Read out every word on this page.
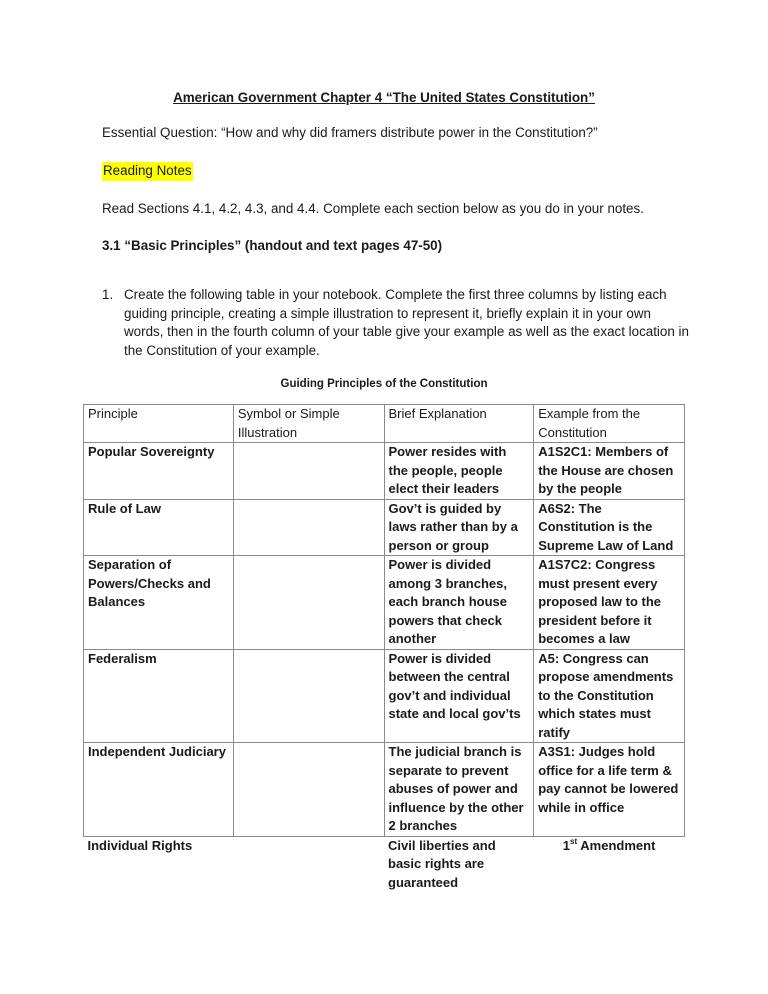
American Government Chapter 4 “The United States Constitution”
Essential Question: “How and why did framers distribute power in the Constitution?”
Reading Notes
Read Sections 4.1, 4.2, 4.3, and 4.4. Complete each section below as you do in your notes.
3.1 “Basic Principles” (handout and text pages 47-50)
1. Create the following table in your notebook. Complete the first three columns by listing each guiding principle, creating a simple illustration to represent it, briefly explain it in your own words, then in the fourth column of your table give your example as well as the exact location in the Constitution of your example.
Guiding Principles of the Constitution
Principle	Symbol or Simple Illustration	Brief Explanation	Example from the Constitution
Popular Sovereignty		Power resides with the people, people elect their leaders	A1S2C1: Members of the House are chosen by the people
Rule of Law		Gov’t is guided by laws rather than by a person or group	A6S2: The Constitution is the Supreme Law of Land
Separation of Powers/Checks and Balances		Power is divided among 3 branches, each branch house powers that check another	A1S7C2: Congress must present every proposed law to the president before it becomes a law
Federalism		Power is divided between the central gov’t and individual state and local gov’ts	A5: Congress can propose amendments to the Constitution which states must ratify
Independent Judiciary		The judicial branch is separate to prevent abuses of power and influence by the other 2 branches	A3S1: Judges hold office for a life term & pay cannot be lowered while in office
Individual Rights		Civil liberties and basic rights are guaranteed	1st Amendment
